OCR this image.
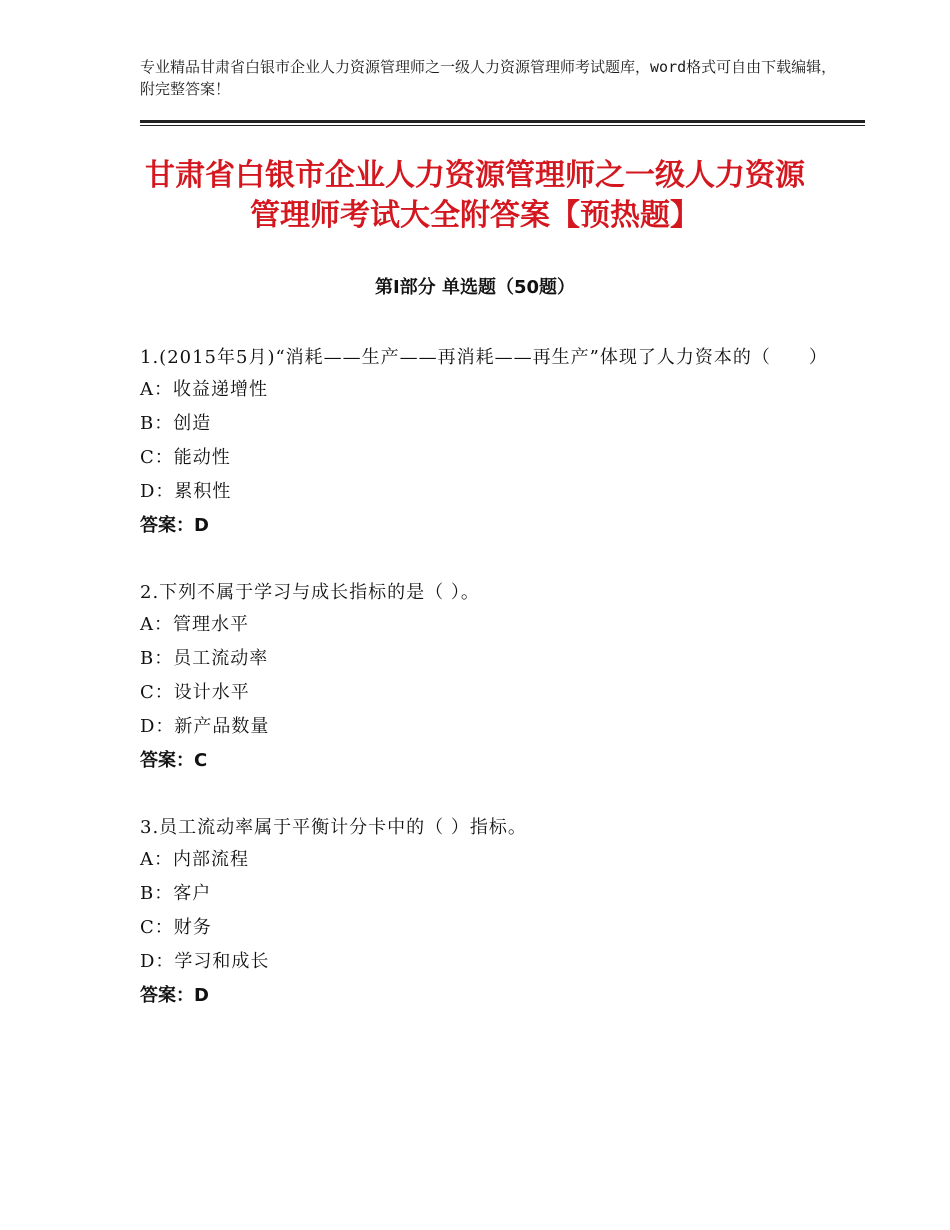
专业精品甘肃省白银市企业人力资源管理师之一级人力资源管理师考试题库，word格式可自由下载编辑，附完整答案！
甘肃省白银市企业人力资源管理师之一级人力资源管理师考试大全附答案【预热题】
第Ⅰ部分 单选题（50题）

1.(2015年5月)“消耗——生产——再消耗——再生产”体现了人力资本的（　　）

A：收益递增性

B：创造

C：能动性

D：累积性

答案：D

2.下列不属于学习与成长指标的是（ ）。

A：管理水平

B：员工流动率

C：设计水平

D：新产品数量

答案：C

3.员工流动率属于平衡计分卡中的（ ）指标。

A：内部流程

B：客户

C：财务

D：学习和成长

答案：D
